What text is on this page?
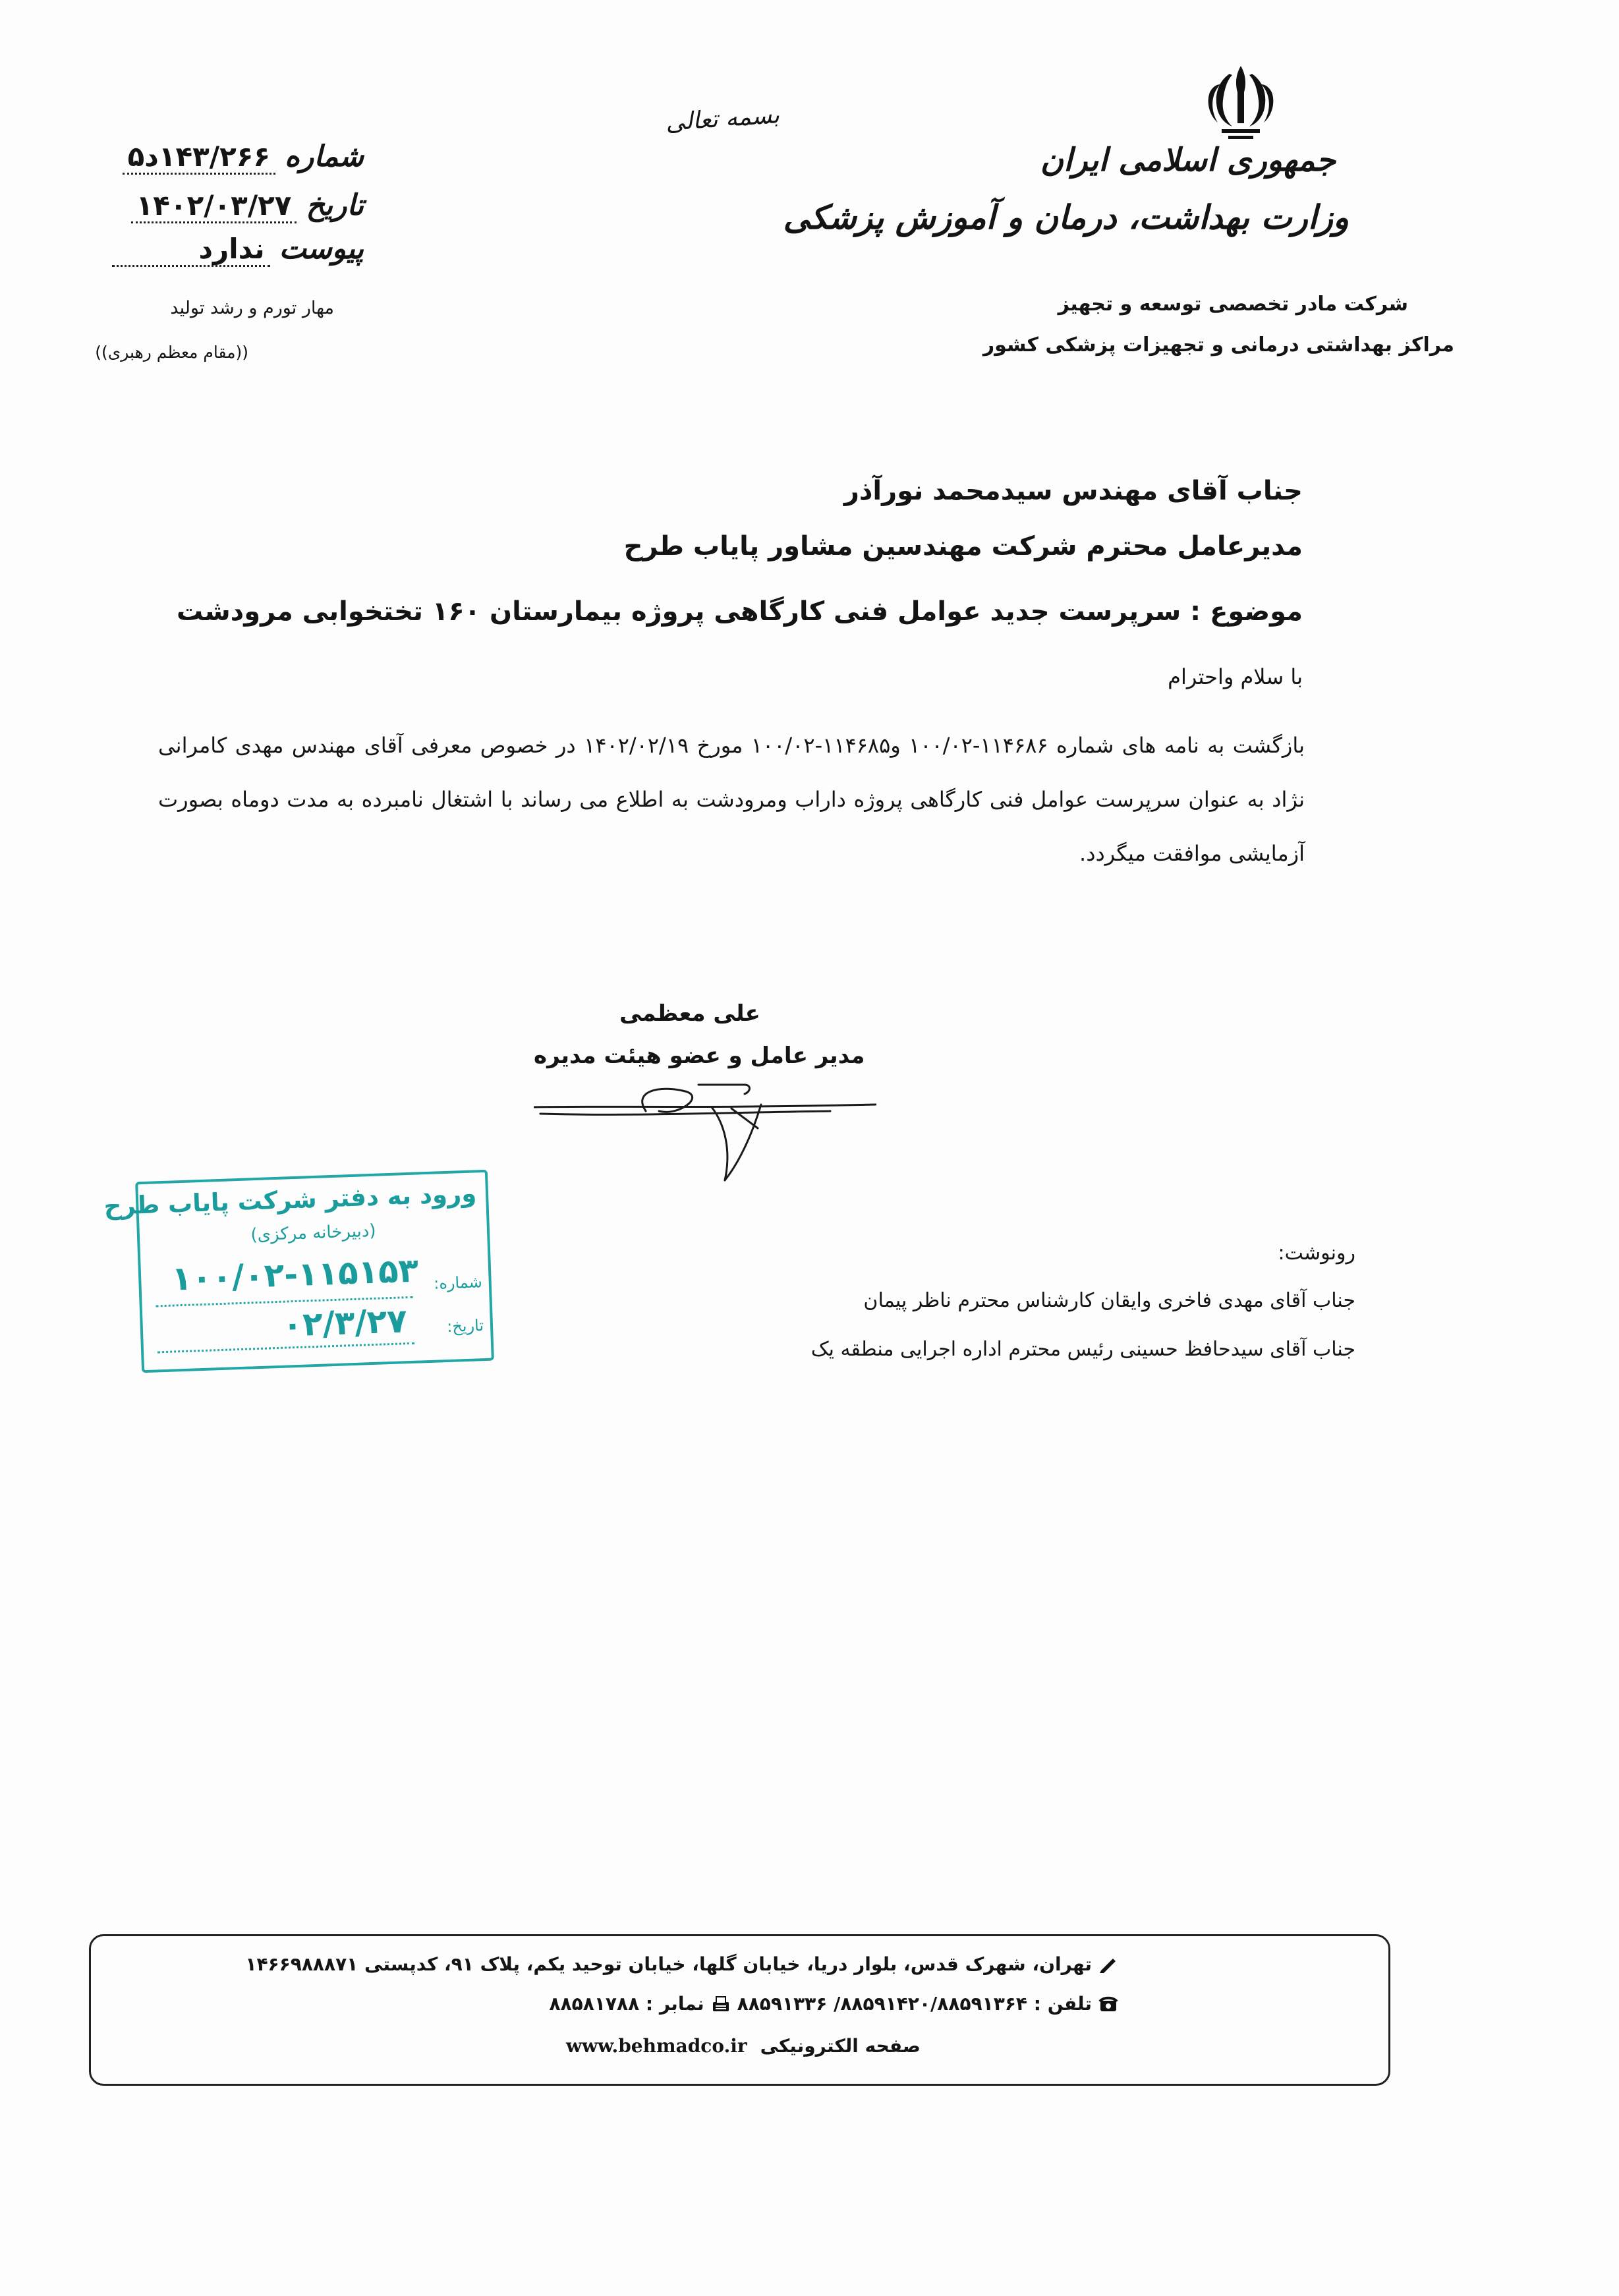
جمهوری اسلامی ایران
وزارت بهداشت، درمان و آموزش پزشکی
شرکت مادر تخصصی توسعه و تجهیز
مراکز بهداشتی درمانی و تجهیزات پزشکی کشور
بسمه تعالی
شماره
۱۴۳/۲۶۶د۵
تاریخ
۱۴۰۲/۰۳/۲۷
پیوست
ندارد
مهار تورم و رشد تولید
((مقام معظم رهبری))
جناب آقای مهندس سیدمحمد نورآذر
مدیرعامل محترم شرکت مهندسین مشاور پایاب طرح
موضوع : سرپرست جدید عوامل فنی کارگاهی پروژه بیمارستان ۱۶۰ تختخوابی مرودشت
با سلام واحترام
بازگشت به نامه های شماره ۱۱۴۶۸۶-۱۰۰/۰۲ و۱۱۴۶۸۵-۱۰۰/۰۲ مورخ ۱۴۰۲/۰۲/۱۹ در خصوص معرفی آقای مهندس مهدی کامرانی نژاد به عنوان سرپرست عوامل فنی کارگاهی پروژه داراب ومرودشت به اطلاع می رساند با اشتغال نامبرده به مدت دوماه بصورت آزمایشی موافقت میگردد.
علی معظمی
مدیر عامل و عضو هیئت مدیره
ورود به دفتر شرکت پایاب طرح
(دبیرخانه مرکزی)
شماره:
۱۰۰/۰۲-۱۱۵۱۵۳
تاریخ:
۰۲/۳/۲۷
رونوشت:
جناب آقای مهدی فاخری وایقان کارشناس محترم ناظر پیمان
جناب آقای سیدحافظ حسینی رئیس محترم اداره اجرایی منطقه یک
تهران، شهرک قدس، بلوار دریا، خیابان گلها، خیابان توحید یکم، پلاک ۹۱، کدپستی ۱۴۶۶۹۸۸۸۷۱
تلفن : ۸۸۵۹۱۴۲۰/۸۸۵۹۱۳۶۴/ ۸۸۵۹۱۳۳۶
نمابر : ۸۸۵۸۱۷۸۸
صفحه الکترونیکی
www.behmadco.ir
